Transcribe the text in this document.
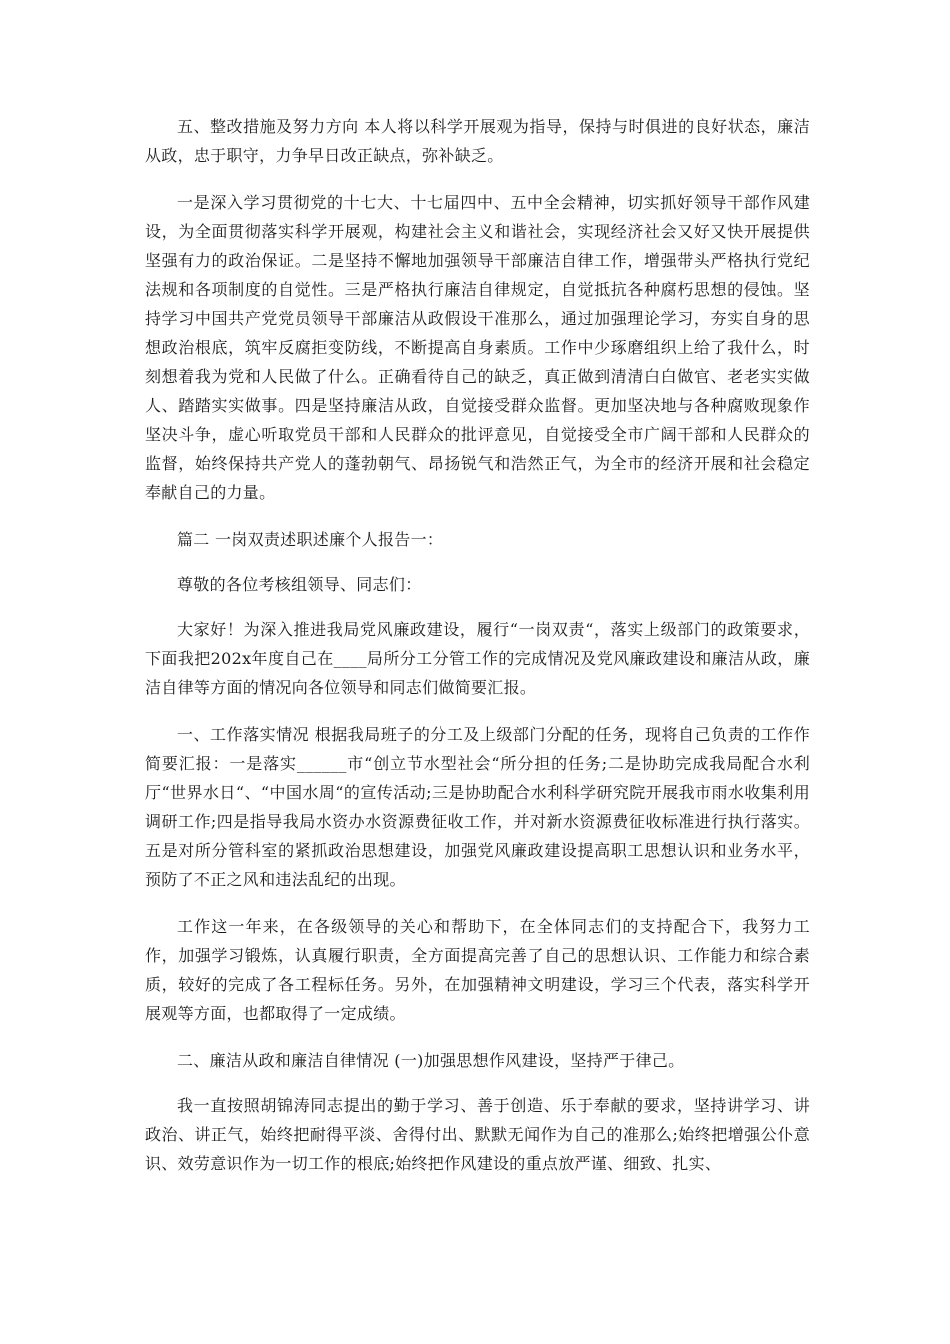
五、整改措施及努力方向 本人将以科学开展观为指导，保持与时俱进的良好状态，廉洁从政，忠于职守，力争早日改正缺点，弥补缺乏。

一是深入学习贯彻党的十七大、十七届四中、五中全会精神，切实抓好领导干部作风建设，为全面贯彻落实科学开展观，构建社会主义和谐社会，实现经济社会又好又快开展提供坚强有力的政治保证。二是坚持不懈地加强领导干部廉洁自律工作，增强带头严格执行党纪法规和各项制度的自觉性。三是严格执行廉洁自律规定，自觉抵抗各种腐朽思想的侵蚀。坚持学习中国共产党党员领导干部廉洁从政假设干准那么，通过加强理论学习，夯实自身的思想政治根底，筑牢反腐拒变防线，不断提高自身素质。工作中少琢磨组织上给了我什么，时刻想着我为党和人民做了什么。正确看待自己的缺乏，真正做到清清白白做官、老老实实做人、踏踏实实做事。四是坚持廉洁从政，自觉接受群众监督。更加坚决地与各种腐败现象作坚决斗争，虚心听取党员干部和人民群众的批评意见，自觉接受全市广阔干部和人民群众的监督，始终保持共产党人的蓬勃朝气、昂扬锐气和浩然正气，为全市的经济开展和社会稳定奉献自己的力量。

篇二 一岗双责述职述廉个人报告一：

尊敬的各位考核组领导、同志们：

大家好！为深入推进我局党风廉政建设，履行“一岗双责“，落实上级部门的政策要求，下面我把202x年度自己在____局所分工分管工作的完成情况及党风廉政建设和廉洁从政，廉洁自律等方面的情况向各位领导和同志们做简要汇报。

一、工作落实情况 根据我局班子的分工及上级部门分配的任务，现将自己负责的工作作简要汇报：一是落实______市“创立节水型社会“所分担的任务;二是协助完成我局配合水利厅“世界水日“、“中国水周“的宣传活动;三是协助配合水利科学研究院开展我市雨水收集利用调研工作;四是指导我局水资办水资源费征收工作，并对新水资源费征收标准进行执行落实。五是对所分管科室的紧抓政治思想建设，加强党风廉政建设提高职工思想认识和业务水平，预防了不正之风和违法乱纪的出现。

工作这一年来，在各级领导的关心和帮助下，在全体同志们的支持配合下，我努力工作，加强学习锻炼，认真履行职责，全方面提高完善了自己的思想认识、工作能力和综合素质，较好的完成了各工程标任务。另外，在加强精神文明建设，学习三个代表，落实科学开展观等方面，也都取得了一定成绩。

二、廉洁从政和廉洁自律情况 (一)加强思想作风建设，坚持严于律己。

我一直按照胡锦涛同志提出的勤于学习、善于创造、乐于奉献的要求，坚持讲学习、讲政治、讲正气，始终把耐得平淡、舍得付出、默默无闻作为自己的准那么;始终把增强公仆意识、效劳意识作为一切工作的根底;始终把作风建设的重点放严谨、细致、扎实、
